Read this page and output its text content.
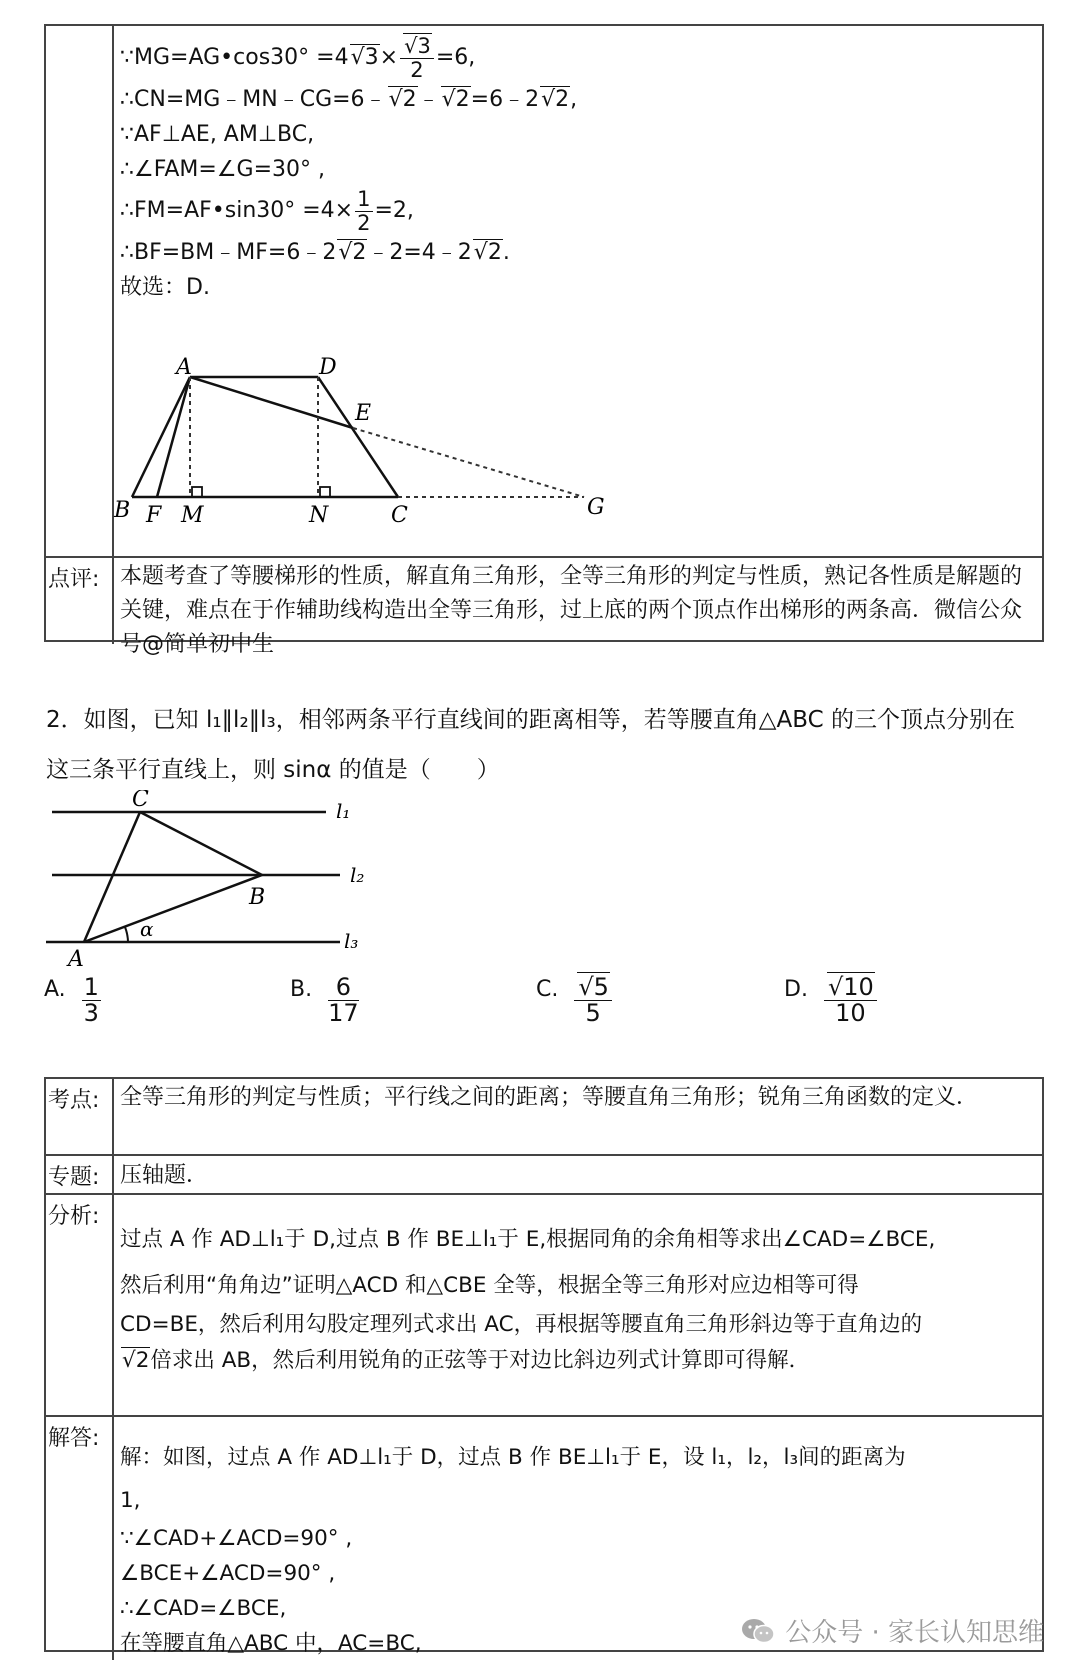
∵MG=AG•cos30° $=4√3\times \frac{√3}{2} =6$,
∴CN=MG﹣MN﹣CG=6﹣√2﹣√2=6﹣2√2,
∵AF⊥AE, AM⊥BC,
∴∠FAM=∠G=30° ,
∴FM=AF•sin30° $=4\times \frac{1}{2} =2$,
∴BF=BM﹣MF=6﹣2√2﹣2=4﹣2√2.
故选：D.
点评: 本题考查了等腰梯形的性质，解直角三角形，全等三角形的判定与性质，熟记各性质是解题的关键，难点在于作辅助线构造出全等三角形，过上底的两个顶点作出梯形的两条高．微信公众号@简单初中生
A	D
E
B F M	N	C	G
2．如图，已知 l₁∥l₂∥l₃，相邻两条平行直线间的距离相等，若等腰直角△ABC 的三个顶点分别在这三条平行直线上，则 sinα 的值是（　　）
C
B
A
α
l₁
l₂
l₃
A. $\frac{1}{3}$	B. $\frac{6}{17}$	C. $\frac{√5}{5}$	D. $\frac{√10}{10}$
考点: 全等三角形的判定与性质；平行线之间的距离；等腰直角三角形；锐角三角函数的定义．
专题: 压轴题．
分析:
过点 A 作 AD⊥l₁于 D,过点 B 作 BE⊥l₁于 E,根据同角的余角相等求出∠CAD=∠BCE,
然后利用“角角边”证明△ACD 和△CBE 全等，根据全等三角形对应边相等可得
CD=BE，然后利用勾股定理列式求出 AC，再根据等腰直角三角形斜边等于直角边的
√2倍求出 AB，然后利用锐角的正弦等于对边比斜边列式计算即可得解．
解答:
解：如图，过点 A 作 AD⊥l₁于 D，过点 B 作 BE⊥l₁于 E，设 l₁，l₂，l₃间的距离为
1,
∵∠CAD+∠ACD=90° ,
∠BCE+∠ACD=90° ,
∴∠CAD=∠BCE,
在等腰直角△ABC 中，AC=BC,	公众号 · 家长认知思维
